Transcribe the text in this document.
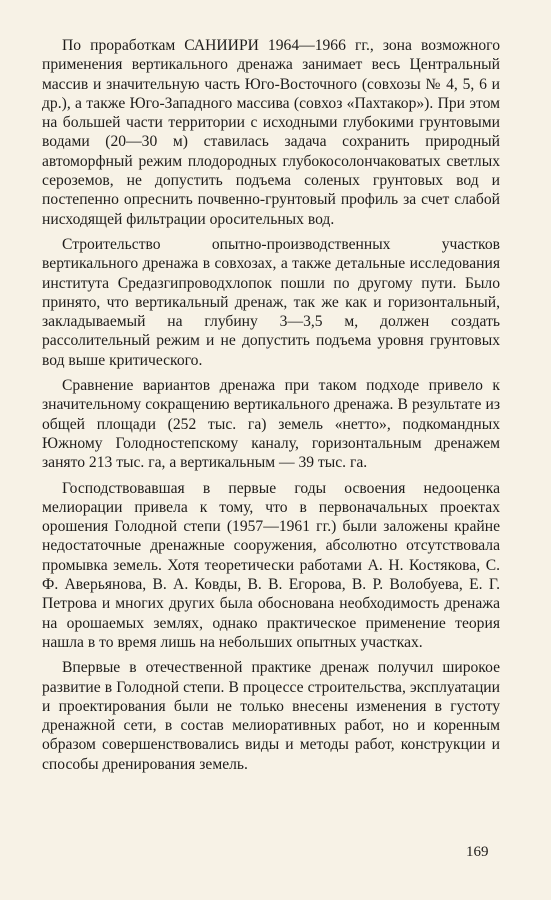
По проработкам САНИИРИ 1964—1966 гг., зона возможного применения вертикального дренажа занимает весь Центральный массив и значительную часть Юго-Восточного (совхозы № 4, 5, 6 и др.), а также Юго-Западного массива (совхоз «Пахтакор»). При этом на большей части территории с исходными глубокими грунтовыми водами (20—30 м) ставилась задача сохранить природный автоморфный режим плодородных глубокосолончаковатых светлых сероземов, не допустить подъема соленых грунтовых вод и постепенно опреснить почвенно-грунтовый профиль за счет слабой нисходящей фильтрации оросительных вод.

Строительство опытно-производственных участков вертикального дренажа в совхозах, а также детальные исследования института Средазгипроводхлопок пошли по другому пути. Было принято, что вертикальный дренаж, так же как и горизонтальный, закладываемый на глубину 3—3,5 м, должен создать рассолительный режим и не допустить подъема уровня грунтовых вод выше критического.

Сравнение вариантов дренажа при таком подходе привело к значительному сокращению вертикального дренажа. В результате из общей площади (252 тыс. га) земель «нетто», подкомандных Южному Голодностепскому каналу, горизонтальным дренажем занято 213 тыс. га, а вертикальным — 39 тыс. га.

Господствовавшая в первые годы освоения недооценка мелиорации привела к тому, что в первоначальных проектах орошения Голодной степи (1957—1961 гг.) были заложены крайне недостаточные дренажные сооружения, абсолютно отсутствовала промывка земель. Хотя теоретически работами А. Н. Костякова, С. Ф. Аверьянова, В. А. Ковды, В. В. Егорова, В. Р. Волобуева, Е. Г. Петрова и многих других была обоснована необходимость дренажа на орошаемых землях, однако практическое применение теория нашла в то время лишь на небольших опытных участках.

Впервые в отечественной практике дренаж получил широкое развитие в Голодной степи. В процессе строительства, эксплуатации и проектирования были не только внесены изменения в густоту дренажной сети, в состав мелиоративных работ, но и коренным образом совершенствовались виды и методы работ, конструкции и способы дренирования земель.

169
